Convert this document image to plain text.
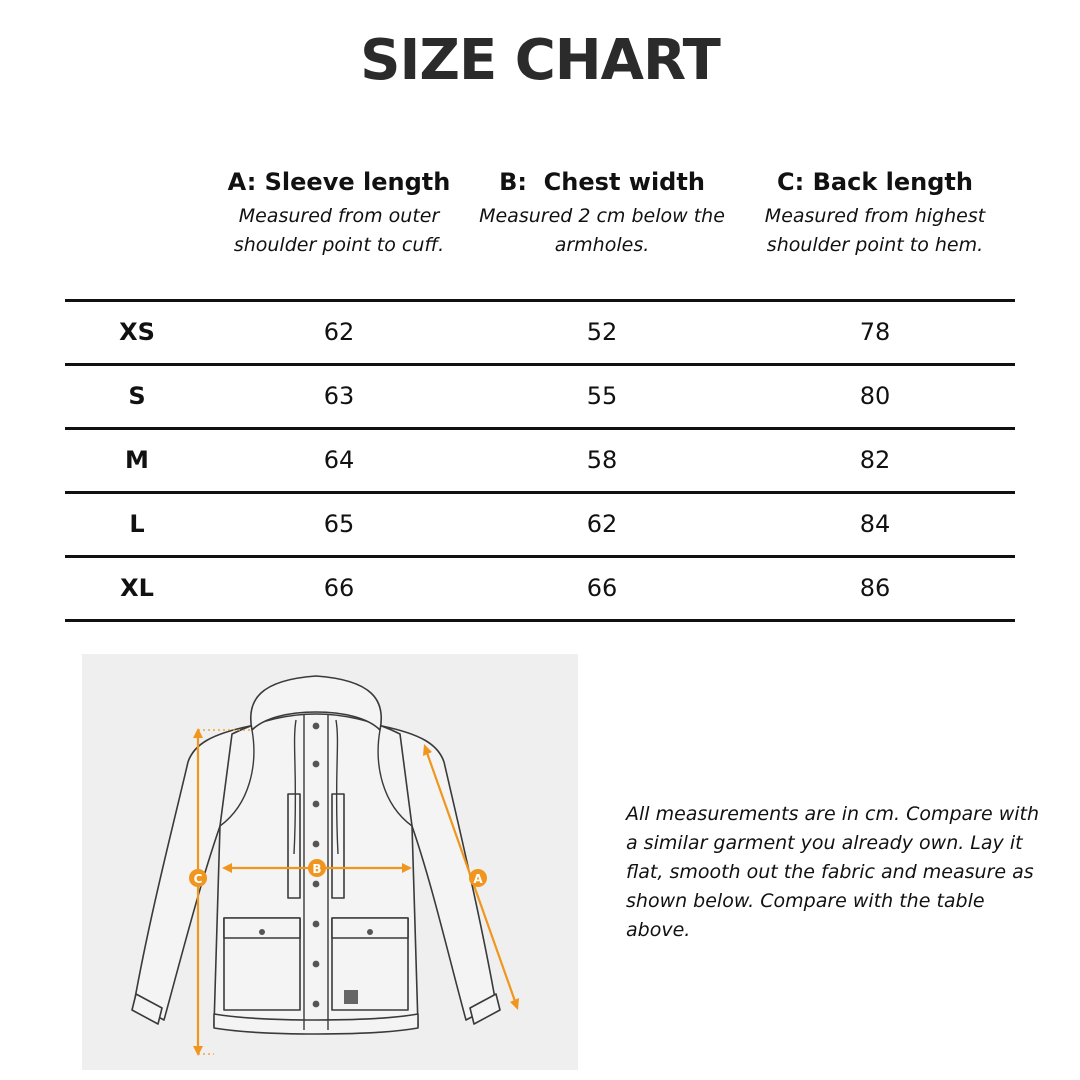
SIZE CHART
A: Sleeve length
Measured from outer shoulder point to cuff.
B:  Chest width
Measured 2 cm below the armholes.
C: Back length
Measured from highest shoulder point to hem.
XS	62	52	78
S	63	55	80
M	64	58	82
L	65	62	84
XL	66	66	86
C
B
A

All measurements are in cm. Compare with a similar garment you already own. Lay it flat, smooth out the fabric and measure as shown below. Compare with the table above.
